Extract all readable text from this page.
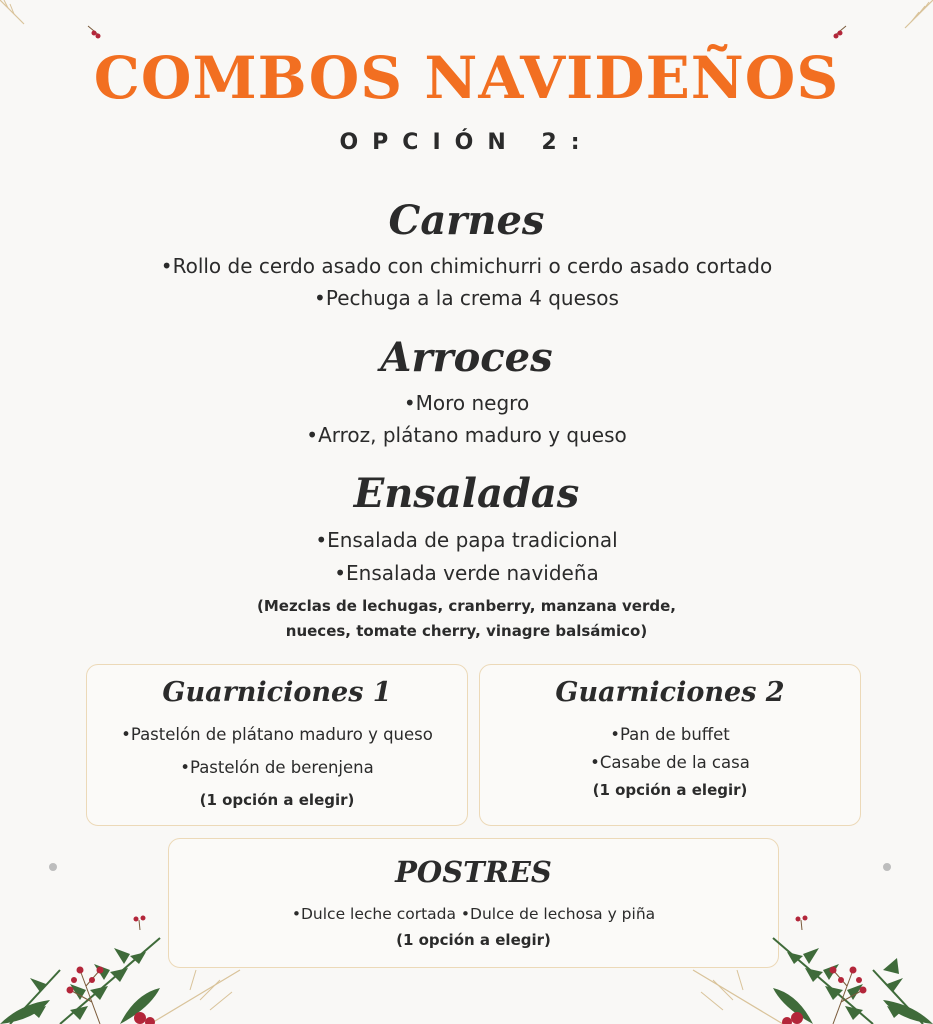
COMBOS NAVIDEÑOS
OPCIÓN 2:
Carnes
•Rollo de cerdo asado con chimichurri o cerdo asado cortado
•Pechuga a la crema 4 quesos
Arroces
•Moro negro
•Arroz, plátano maduro y queso
Ensaladas
•Ensalada de papa tradicional
•Ensalada verde navideña
(Mezclas de lechugas, cranberry, manzana verde,
nueces, tomate cherry, vinagre balsámico)
Guarniciones 1
•Pastelón de plátano maduro y queso
•Pastelón de berenjena
(1 opción a elegir)
Guarniciones 2
•Pan de buffet
•Casabe de la casa
(1 opción a elegir)
POSTRES
•Dulce leche cortada •Dulce de lechosa y piña
(1 opción a elegir)
